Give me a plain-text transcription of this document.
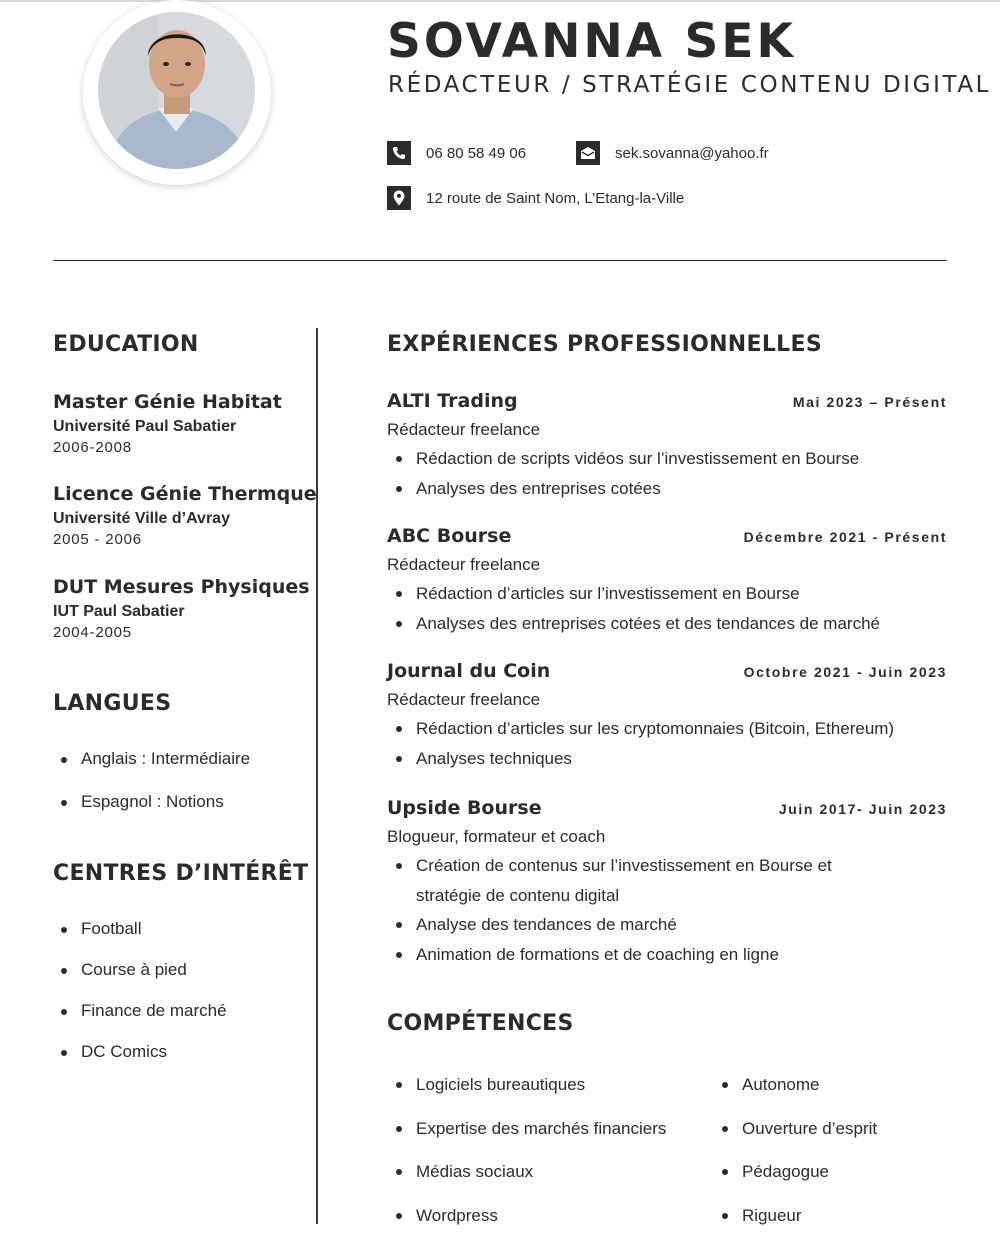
SOVANNA SEK

RÉDACTEUR / STRATÉGIE CONTENU DIGITAL

06 80 58 49 06	sek.sovanna@yahoo.fr
12 route de Saint Nom, L’Etang-la-Ville
EDUCATION
Master Génie Habitat
Université Paul Sabatier
2006-2008
Licence Génie Thermque
Université Ville d’Avray
2005 - 2006
DUT Mesures Physiques
IUT Paul Sabatier
2004-2005
LANGUES
Anglais : Intermédiaire
Espagnol : Notions
CENTRES D’INTÉRÊT
Football
Course à pied
Finance de marché
DC Comics
EXPÉRIENCES PROFESSIONNELLES
ALTI Trading	Mai 2023 – Présent
Rédacteur freelance
Rédaction de scripts vidéos sur l’investissement en Bourse
Analyses des entreprises cotées
ABC Bourse	Décembre 2021 - Présent
Rédacteur freelance
Rédaction d’articles sur l’investissement en Bourse
Analyses des entreprises cotées et des tendances de marché
Journal du Coin	Octobre 2021 - Juin 2023
Rédacteur freelance
Rédaction d’articles sur les cryptomonnaies (Bitcoin, Ethereum)
Analyses techniques
Upside Bourse	Juin 2017- Juin 2023
Blogueur, formateur et coach
Création de contenus sur l’investissement en Bourse et
stratégie de contenu digital
Analyse des tendances de marché
Animation de formations et de coaching en ligne
COMPÉTENCES
Logiciels bureautiques	Autonome
Expertise des marchés financiers	Ouverture d’esprit
Médias sociaux	Pédagogue
Wordpress	Rigueur
